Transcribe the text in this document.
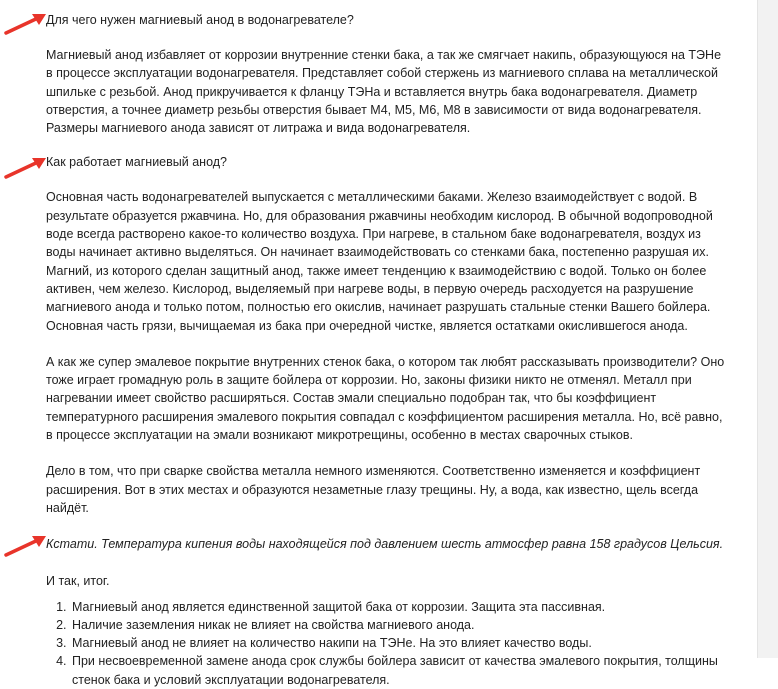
Для чего нужен магниевый анод в водонагревателе?

Магниевый анод избавляет от коррозии внутренние стенки бака, а так же смягчает накипь, образующуюся на ТЭНе в процессе эксплуатации водонагревателя. Представляет собой стержень из магниевого сплава на металлической шпильке с резьбой. Анод прикручивается к фланцу ТЭНа и вставляется внутрь бака водонагревателя. Диаметр отверстия, а точнее диаметр резьбы отверстия бывает М4, М5, М6, М8 в зависимости от вида водонагревателя. Размеры магниевого анода зависят от литража и вида водонагревателя.

Как работает магниевый анод?

Основная часть водонагревателей выпускается с металлическими баками. Железо взаимодействует с водой. В результате образуется ржавчина. Но, для образования ржавчины необходим кислород. В обычной водопроводной воде всегда растворено какое-то количество воздуха. При нагреве, в стальном баке водонагревателя, воздух из воды начинает активно выделяться. Он начинает взаимодействовать со стенками бака, постепенно разрушая их. Магний, из которого сделан защитный анод, также имеет тенденцию к взаимодействию с водой. Только он более активен, чем железо. Кислород, выделяемый при нагреве воды, в первую очередь расходуется на разрушение магниевого анода и только потом, полностью его окислив, начинает разрушать стальные стенки Вашего бойлера. Основная часть грязи, вычищаемая из бака при очередной чистке, является остатками окислившегося анода.

А как же супер эмалевое покрытие внутренних стенок бака, о котором так любят рассказывать производители? Оно тоже играет громадную роль в защите бойлера от коррозии. Но, законы физики никто не отменял. Металл при нагревании имеет свойство расширяться. Состав эмали специально подобран так, что бы коэффициент температурного расширения эмалевого покрытия совпадал с коэффициентом расширения металла. Но, всё равно, в процессе эксплуатации на эмали возникают микротрещины, особенно в местах сварочных стыков.

Дело в том, что при сварке свойства металла немного изменяются. Соответственно изменяется и коэффициент расширения. Вот в этих местах и образуются незаметные глазу трещины. Ну, а вода, как известно, щель всегда найдёт.

Кстати. Температура кипения воды находящейся под давлением шесть атмосфер равна 158 градусов Цельсия.

И так, итог.

1. Магниевый анод является единственной защитой бака от коррозии. Защита эта пассивная.
2. Наличие заземления никак не влияет на свойства магниевого анода.
3. Магниевый анод не влияет на количество накипи на ТЭНе. На это влияет качество воды.
4. При несвоевременной замене анода срок службы бойлера зависит от качества эмалевого покрытия, толщины стенок бака и условий эксплуатации водонагревателя.
